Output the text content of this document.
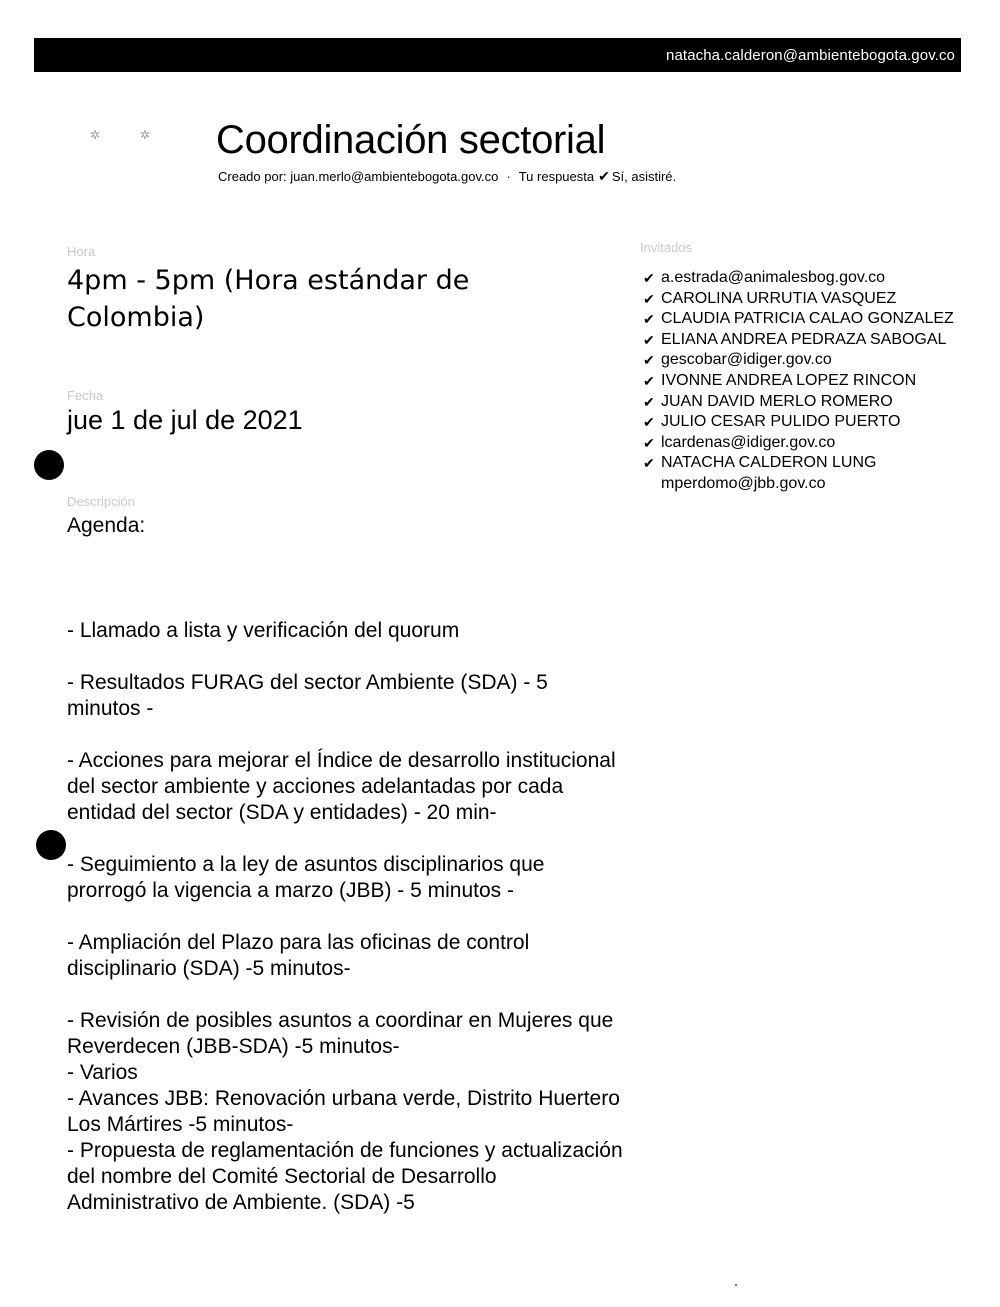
natacha.calderon@ambientebogota.gov.co
✲	✲ Coordinación sectorial
Creado por: juan.merlo@ambientebogota.gov.co · Tu respuesta ✔ Sí, asistiré.
Hora
4pm - 5pm (Hora estándar de Colombia)
Fecha
jue 1 de jul de 2021
Descripción
Agenda:
- Llamado a lista y verificación del quorum
- Resultados FURAG del sector Ambiente (SDA) - 5 minutos -
- Acciones para mejorar el Índice de desarrollo institucional del sector ambiente y acciones adelantadas por cada entidad del sector (SDA y entidades) - 20 min-
- Seguimiento a la ley de asuntos disciplinarios que prorrogó la vigencia a marzo (JBB) - 5 minutos -
- Ampliación del Plazo para las oficinas de control disciplinario (SDA) -5 minutos-
- Revisión de posibles asuntos a coordinar en Mujeres que Reverdecen (JBB-SDA) -5 minutos-
- Varios
- Avances JBB: Renovación urbana verde, Distrito Huertero Los Mártires -5 minutos-
- Propuesta de reglamentación de funciones y actualización del nombre del Comité Sectorial de Desarrollo Administrativo de Ambiente. (SDA) -5
Invitados
✔ a.estrada@animalesbog.gov.co
✔ CAROLINA URRUTIA VASQUEZ
✔ CLAUDIA PATRICIA CALAO GONZALEZ
✔ ELIANA ANDREA PEDRAZA SABOGAL
✔ gescobar@idiger.gov.co
✔ IVONNE ANDREA LOPEZ RINCON
✔ JUAN DAVID MERLO ROMERO
✔ JULIO CESAR PULIDO PUERTO
✔ lcardenas@idiger.gov.co
✔ NATACHA CALDERON LUNG
mperdomo@jbb.gov.co
